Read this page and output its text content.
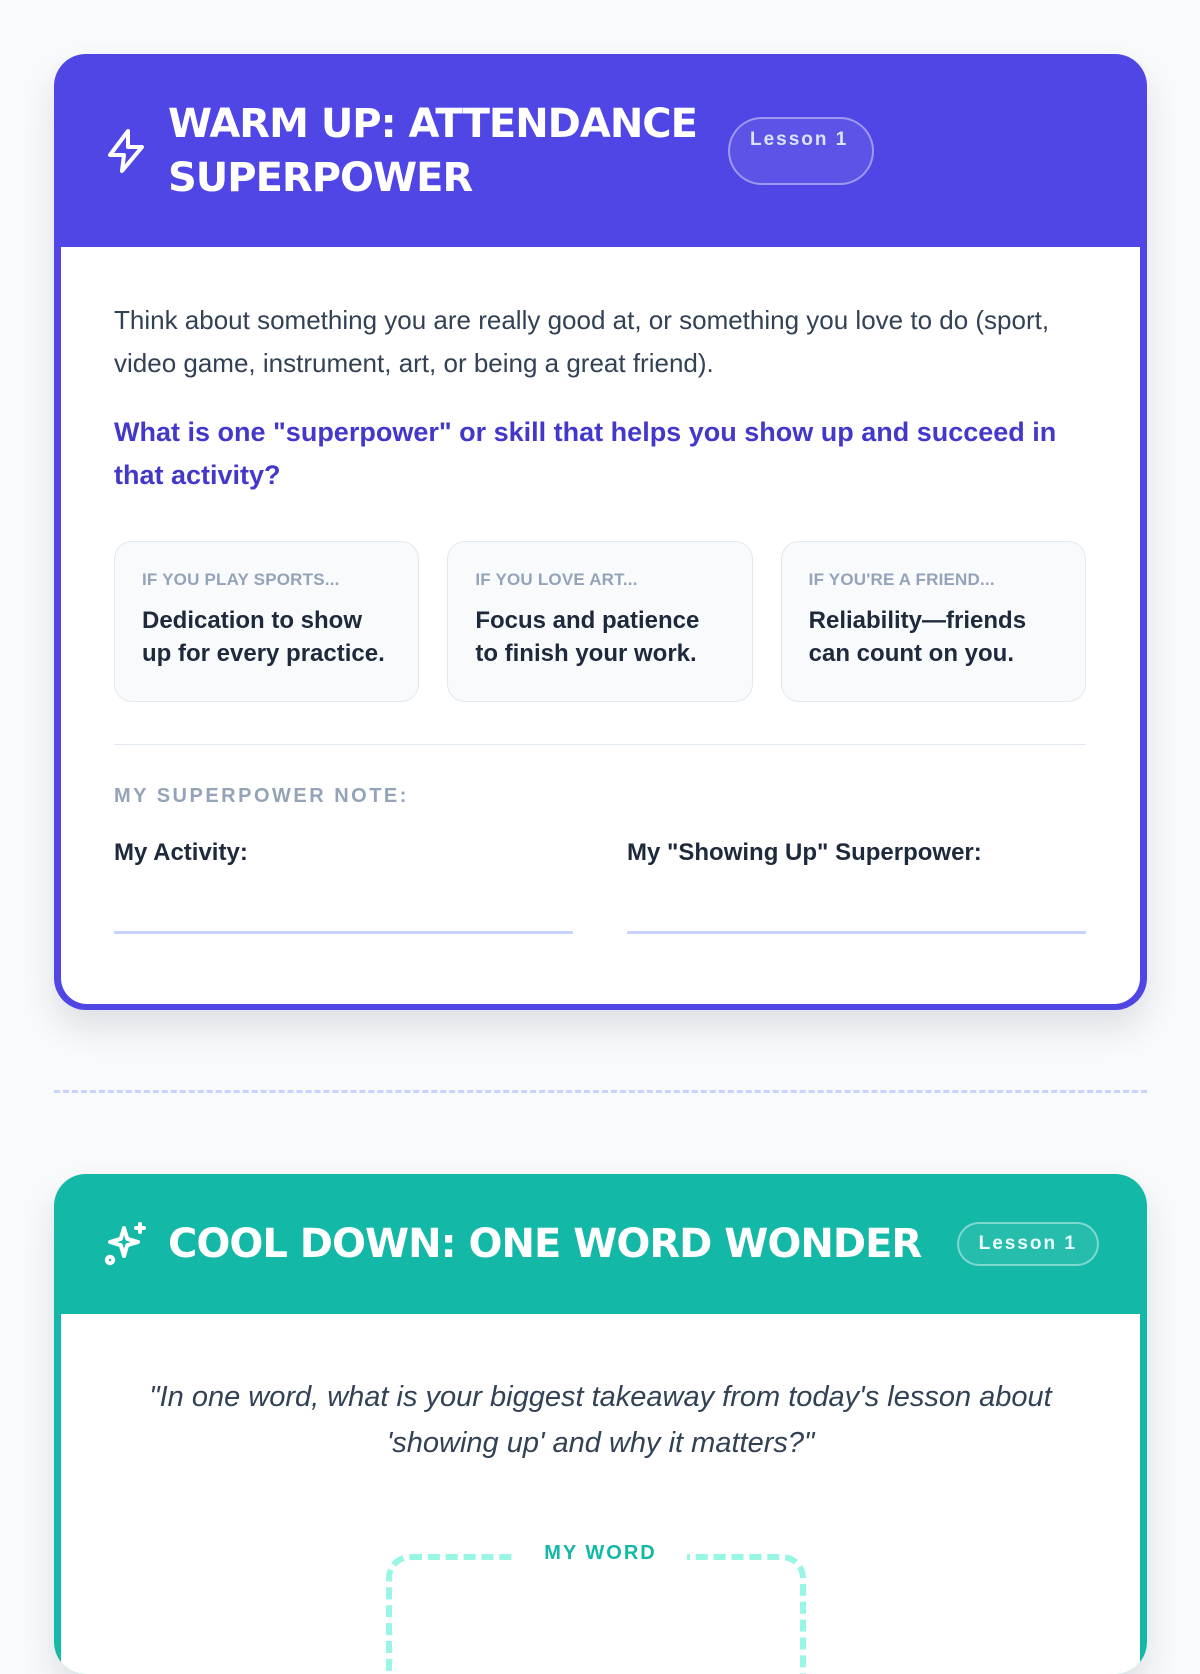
WARM UP: ATTENDANCE SUPERPOWER
Lesson 1

Think about something you are really good at, or something you love to do (sport, video game, instrument, art, or being a great friend).

What is one "superpower" or skill that helps you show up and succeed in that activity?

IF YOU PLAY SPORTS...
Dedication to show up for every practice.
IF YOU LOVE ART...
Focus and patience to finish your work.
IF YOU'RE A FRIEND...
Reliability—friends can count on you.
MY SUPERPOWER NOTE:
My Activity:	My "Showing Up" Superpower:
COOL DOWN: ONE WORD WONDER	Lesson 1

"In one word, what is your biggest takeaway from today's lesson about 'showing up' and why it matters?"

MY WORD
